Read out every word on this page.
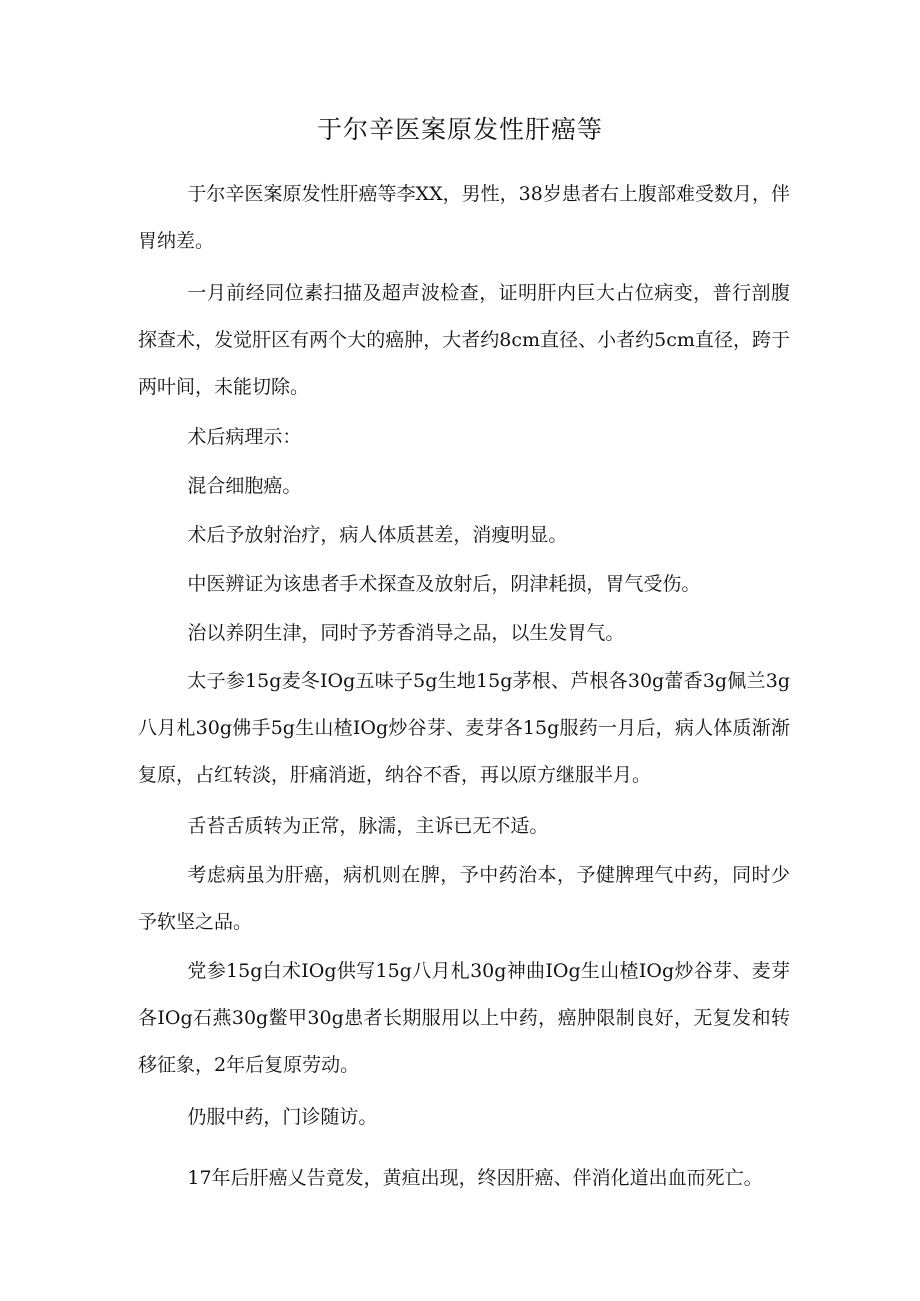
于尔辛医案原发性肝癌等
于尔辛医案原发性肝癌等李XX，男性，38岁患者右上腹部难受数月，伴胃纳差。
一月前经同位素扫描及超声波检查，证明肝内巨大占位病变，普行剖腹探查术，发觉肝区有两个大的癌肿，大者约8cm直径、小者约5cm直径，跨于两叶间，未能切除。
术后病理示：
混合细胞癌。
术后予放射治疗，病人体质甚差，消瘦明显。
中医辨证为该患者手术探查及放射后，阴津耗损，胃气受伤。
治以养阴生津，同时予芳香消导之品，以生发胃气。
太子参15g麦冬IOg五味子5g生地15g茅根、芦根各30g蕾香3g佩兰3g八月札30g佛手5g生山楂IOg炒谷芽、麦芽各15g服药一月后，病人体质渐渐复原，占红转淡，肝痛消逝，纳谷不香，再以原方继服半月。
舌苔舌质转为正常，脉濡，主诉已无不适。
考虑病虽为肝癌，病机则在脾，予中药治本，予健脾理气中药，同时少予软坚之品。
党参15g白术IOg供写15g八月札30g神曲IOg生山楂IOg炒谷芽、麦芽各IOg石燕30g鳖甲30g患者长期服用以上中药，癌肿限制良好，无复发和转移征象，2年后复原劳动。
仍服中药，门诊随访。
17年后肝癌乂告竟发，黄疸出现，终因肝癌、伴消化道出血而死亡。
